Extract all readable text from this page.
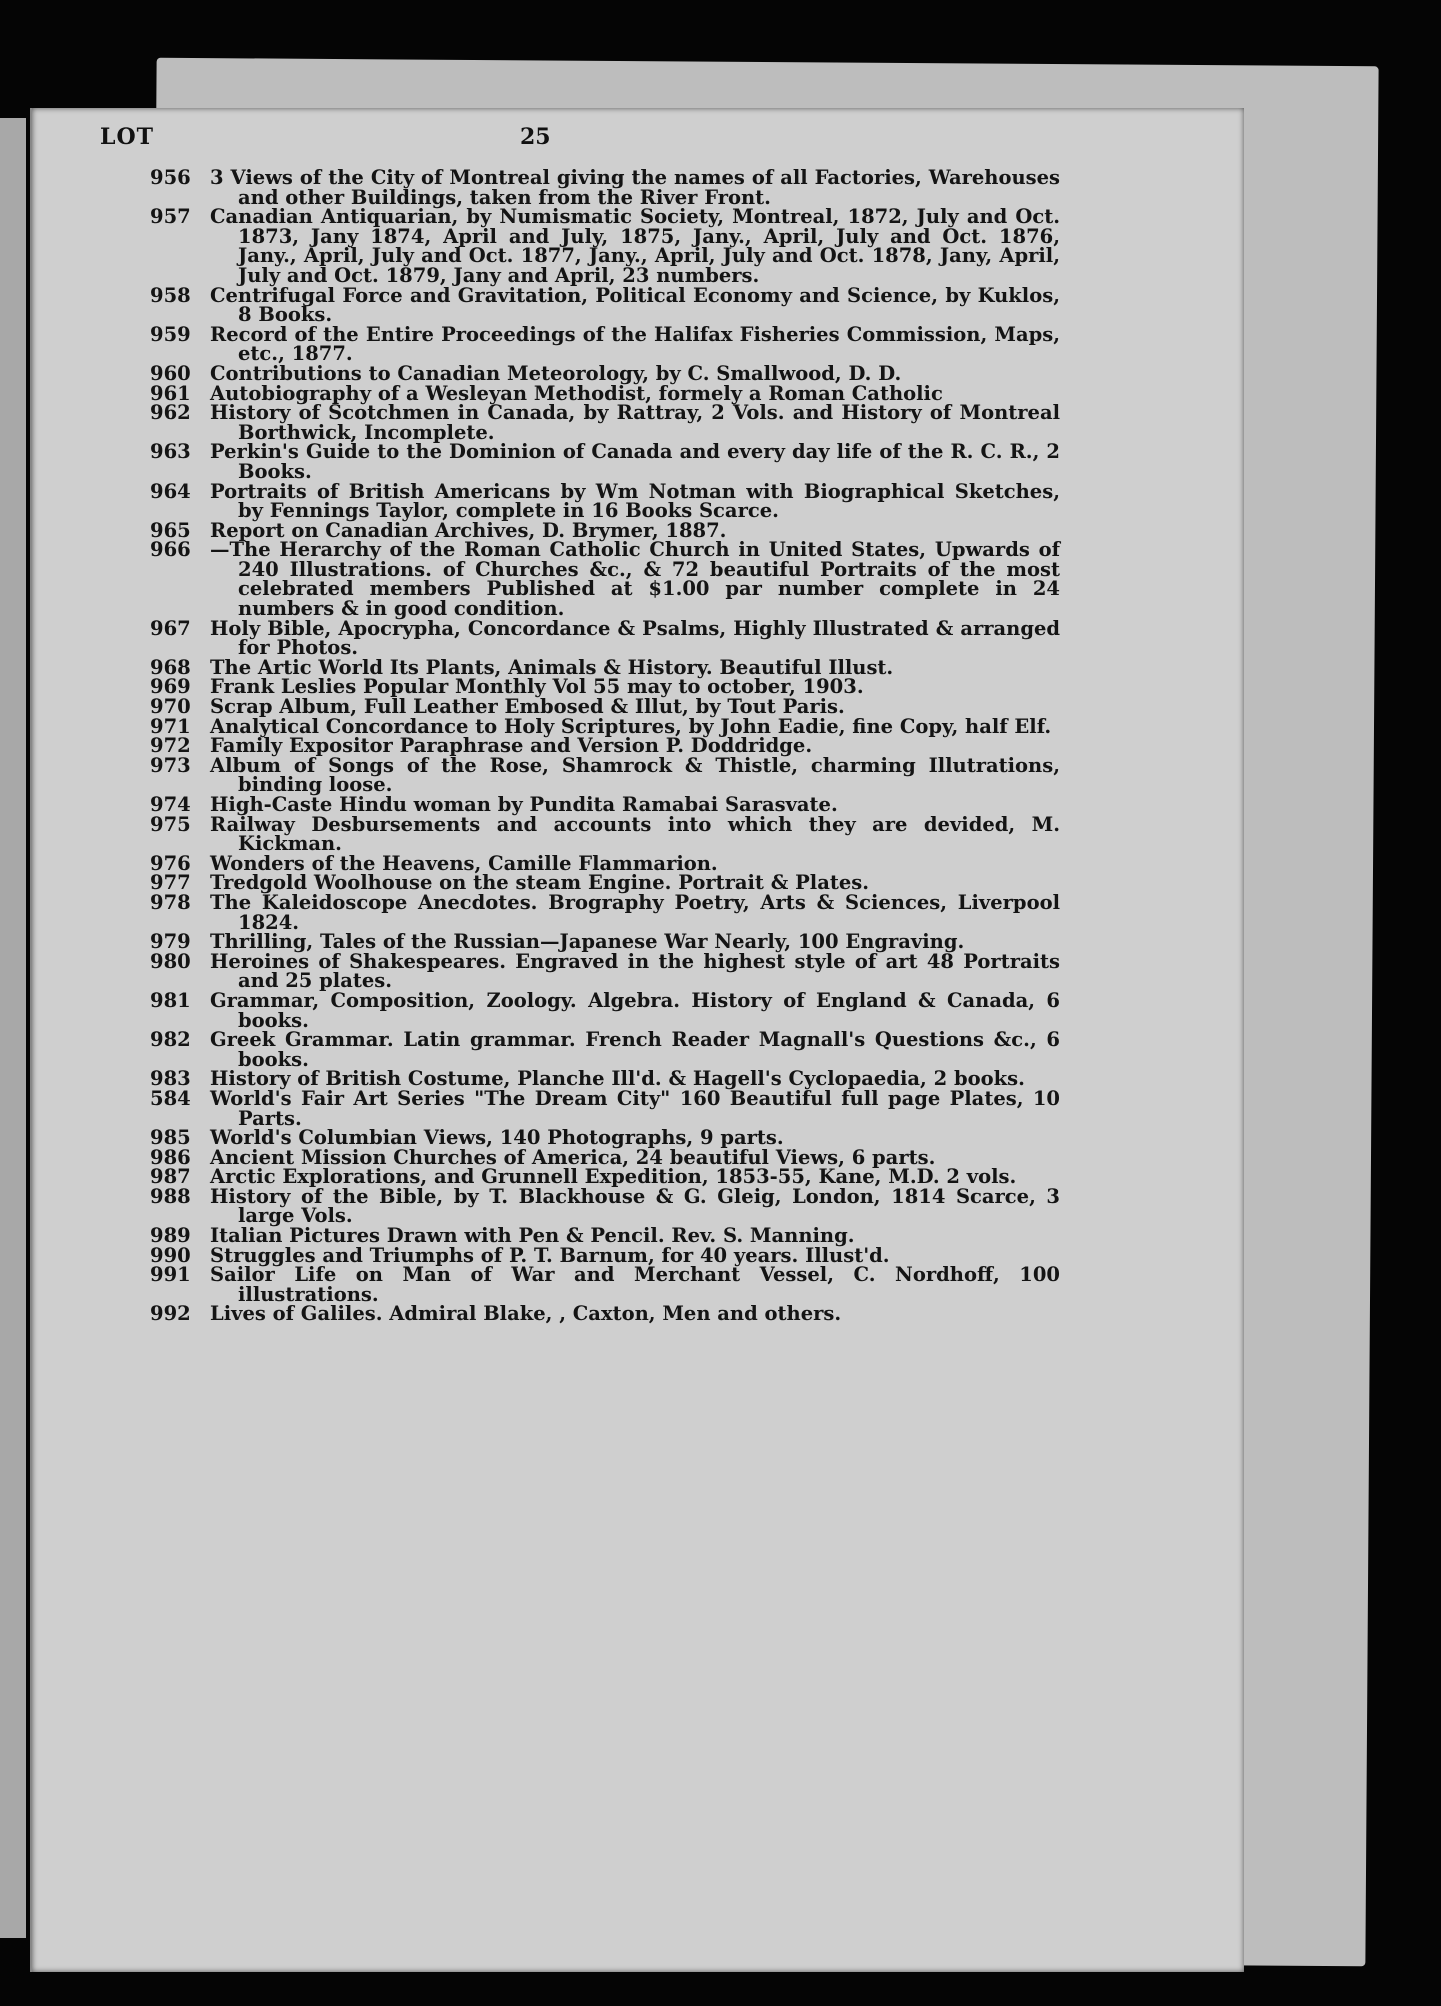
LOT	25
956 3 Views of the City of Montreal giving the names of all Factories, Warehouses and other Buildings, taken from the River Front.
957 Canadian Antiquarian, by Numismatic Society, Montreal, 1872, July and Oct. 1873, Jany 1874, April and July, 1875, Jany., April, July and Oct. 1876, Jany., April, July and Oct. 1877, Jany., April, July and Oct. 1878, Jany, April, July and Oct. 1879, Jany and April, 23 numbers.
958 Centrifugal Force and Gravitation, Political Economy and Science, by Kuklos, 8 Books.
959 Record of the Entire Proceedings of the Halifax Fisheries Commission, Maps, etc., 1877.
960 Contributions to Canadian Meteorology, by C. Smallwood, D. D.
961 Autobiography of a Wesleyan Methodist, formely a Roman Catholic
962 History of Scotchmen in Canada, by Rattray, 2 Vols. and History of Montreal Borthwick, Incomplete.
963 Perkin's Guide to the Dominion of Canada and every day life of the R. C. R., 2 Books.
964 Portraits of British Americans by Wm Notman with Biographical Sketches, by Fennings Taylor, complete in 16 Books Scarce.
965 Report on Canadian Archives, D. Brymer, 1887.
966 —The Herarchy of the Roman Catholic Church in United States, Upwards of 240 Illustrations. of Churches &c., & 72 beautiful Portraits of the most celebrated members Published at $1.00 par number complete in 24 numbers & in good condition.
967 Holy Bible, Apocrypha, Concordance & Psalms, Highly Illustrated & arranged for Photos.
968 The Artic World Its Plants, Animals & History. Beautiful Illust.
969 Frank Leslies Popular Monthly Vol 55 may to october, 1903.
970 Scrap Album, Full Leather Embosed & Illut, by Tout Paris.
971 Analytical Concordance to Holy Scriptures, by John Eadie, fine Copy, half Elf.
972 Family Expositor Paraphrase and Version P. Doddridge.
973 Album of Songs of the Rose, Shamrock & Thistle, charming Illutrations, binding loose.
974 High-Caste Hindu woman by Pundita Ramabai Sarasvate.
975 Railway Desbursements and accounts into which they are devided, M. Kickman.
976 Wonders of the Heavens, Camille Flammarion.
977 Tredgold Woolhouse on the steam Engine. Portrait & Plates.
978 The Kaleidoscope Anecdotes. Brography Poetry, Arts & Sciences, Liverpool 1824.
979 Thrilling, Tales of the Russian—Japanese War Nearly, 100 Engraving.
980 Heroines of Shakespeares. Engraved in the highest style of art 48 Portraits and 25 plates.
981 Grammar, Composition, Zoology. Algebra. History of England & Canada, 6 books.
982 Greek Grammar. Latin grammar. French Reader Magnall's Questions &c., 6 books.
983 History of British Costume, Planche Ill'd. & Hagell's Cyclopaedia, 2 books.
584 World's Fair Art Series "The Dream City" 160 Beautiful full page Plates, 10 Parts.
985 World's Columbian Views, 140 Photographs, 9 parts.
986 Ancient Mission Churches of America, 24 beautiful Views, 6 parts.
987 Arctic Explorations, and Grunnell Expedition, 1853-55, Kane, M.D. 2 vols.
988 History of the Bible, by T. Blackhouse & G. Gleig, London, 1814 Scarce, 3 large Vols.
989 Italian Pictures Drawn with Pen & Pencil. Rev. S. Manning.
990 Struggles and Triumphs of P. T. Barnum, for 40 years. Illust'd.
991 Sailor Life on Man of War and Merchant Vessel, C. Nordhoff, 100 illustrations.
992 Lives of Galiles. Admiral Blake, , Caxton, Men and others.
